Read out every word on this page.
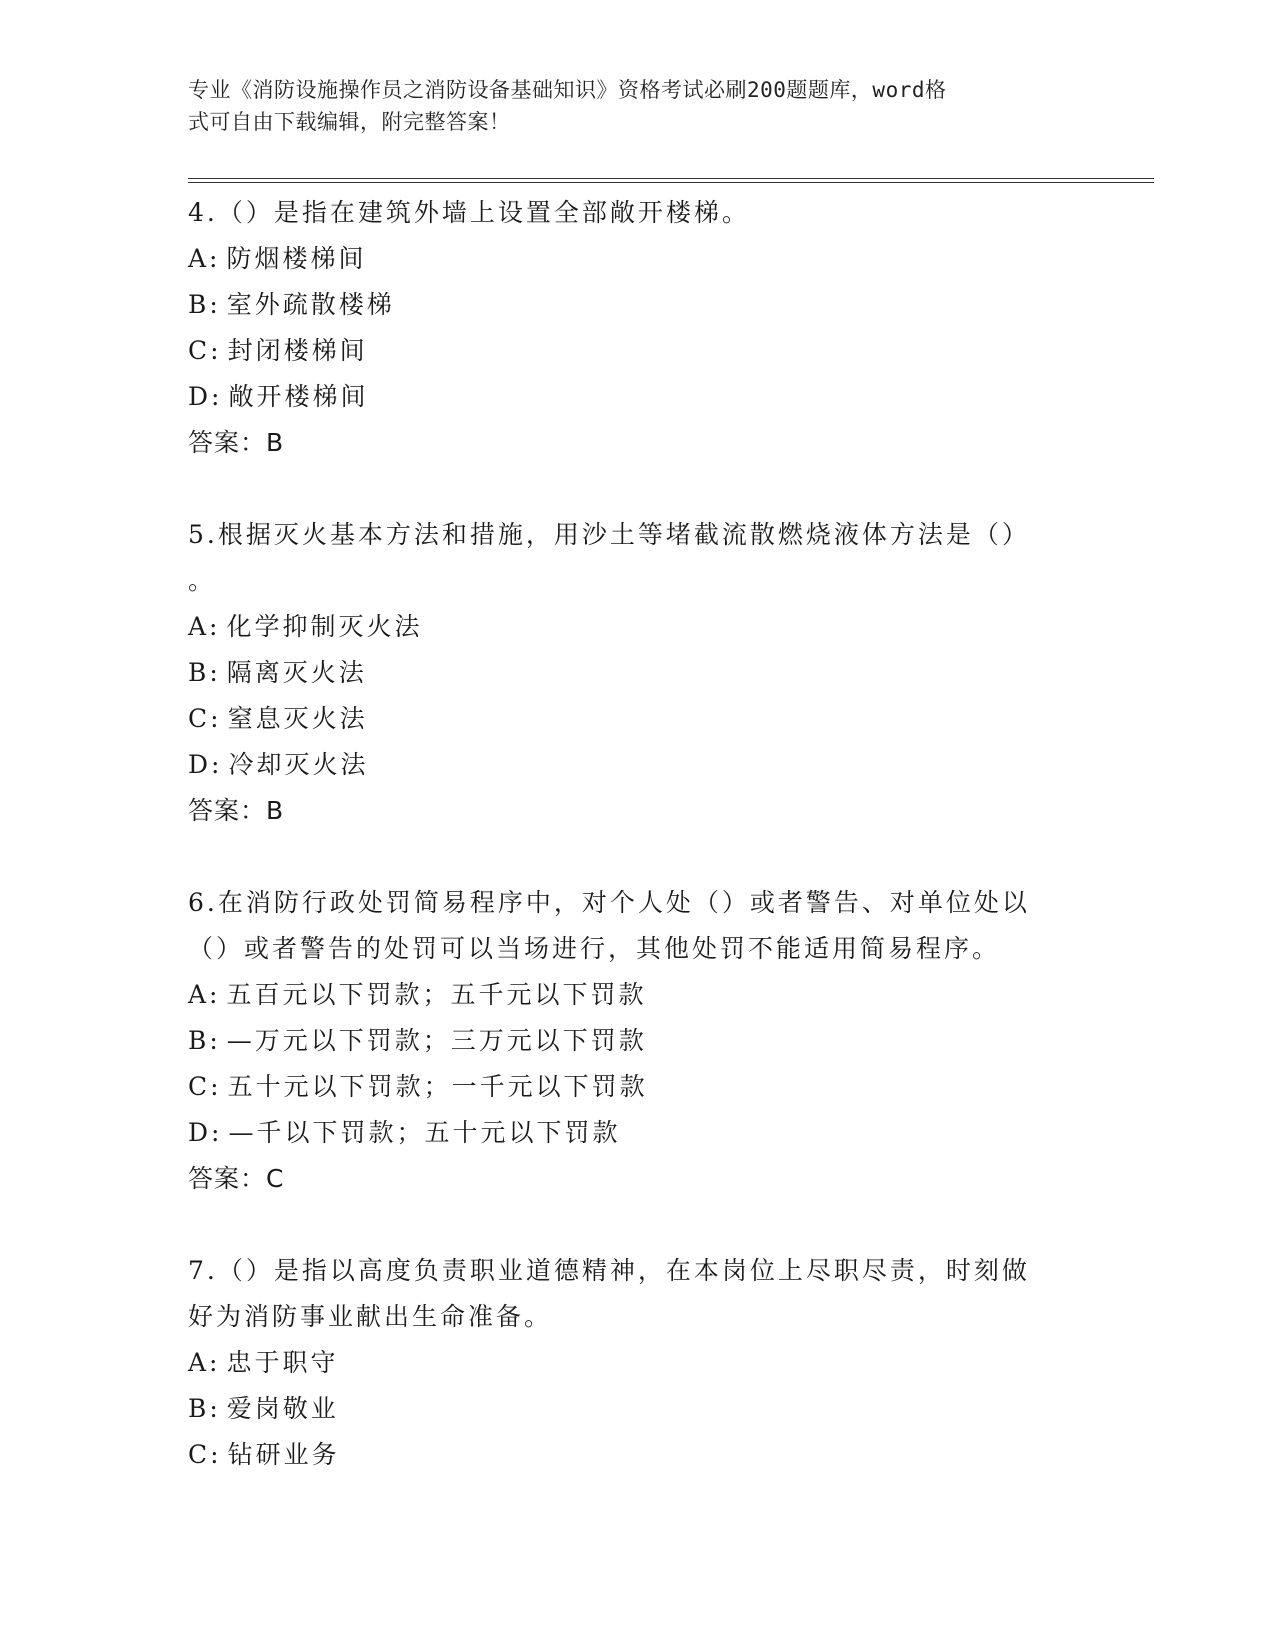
专业《消防设施操作员之消防设备基础知识》资格考试必刷200题题库，word格
式可自由下载编辑，附完整答案！
4.（）是指在建筑外墙上设置全部敞开楼梯。
A: 防烟楼梯间
B: 室外疏散楼梯
C: 封闭楼梯间
D: 敞开楼梯间
答案：B
5.根据灭火基本方法和措施，用沙土等堵截流散燃烧液体方法是（）
。
A: 化学抑制灭火法
B: 隔离灭火法
C: 窒息灭火法
D: 冷却灭火法
答案：B
6.在消防行政处罚简易程序中，对个人处（）或者警告、对单位处以
（）或者警告的处罚可以当场进行，其他处罚不能适用简易程序。
A: 五百元以下罚款；五千元以下罚款
B: —万元以下罚款；三万元以下罚款
C: 五十元以下罚款；一千元以下罚款
D: —千以下罚款；五十元以下罚款
答案：C
7.（）是指以高度负责职业道德精神，在本岗位上尽职尽责，时刻做
好为消防事业献出生命准备。
A: 忠于职守
B: 爱岗敬业
C: 钻研业务
